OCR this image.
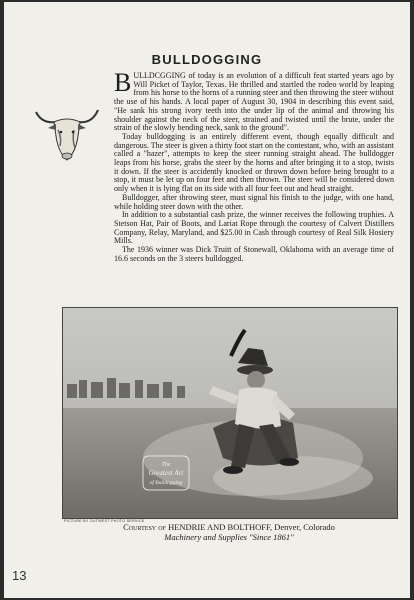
BULLDOGGING

BULLDCGGING of today is an evolution of a difficult feat started years ago by Will Picket of Taylor, Texas. He thrilled and startled the rodeo world by leaping from his horse to the horns of a running steer and then throwing the steer without the use of his hands. A local paper of August 30, 1904 in describing this event said, "He sank his strong ivory teeth into the under lip of the animal and throwing his shoulder against the neck of the steer, strained and twisted until the brute, under the strain of the slowly bending neck, sank to the ground".

Today bulldogging is an entirely different event, though equally difficult and dangerous. The steer is given a thirty foot start on the contestant, who, with an assistant called a "hazer", attempts to keep the steer running straight ahead. The bulldogger leaps from his horse, grabs the steer by the horns and after bringing it to a stop, twists it down. If the steer is accidently knocked or thrown down before being brought to a stop, it must be let up on four feet and then thrown. The steer will be considered down only when it is lying flat on its side with all four feet out and head straight.

Bulldogger, after throwing steer, must signal his finish to the judge, with one hand, while holding steer down with the other.

In addition to a substantial cash prize, the winner receives the following trophies. A Stetson Hat, Pair of Boots, and Lariat Rope through the courtesy of Calvert Distillers Company, Relay, Maryland, and $25.00 in Cash through courtesy of Real Silk Hosiery Mills.

The 1936 winner was Dick Truitt of Stonewall, Oklahoma with an average time of 16.6 seconds on the 3 steers bulldogged.

The
Greatest Art
of Bulldogging
PICTURE BY OUTWEST PHOTO SERVICE
Courtesy of HENDRIE AND BOLTHOFF, Denver, Colorado
Machinery and Supplies "Since 1861"
13
